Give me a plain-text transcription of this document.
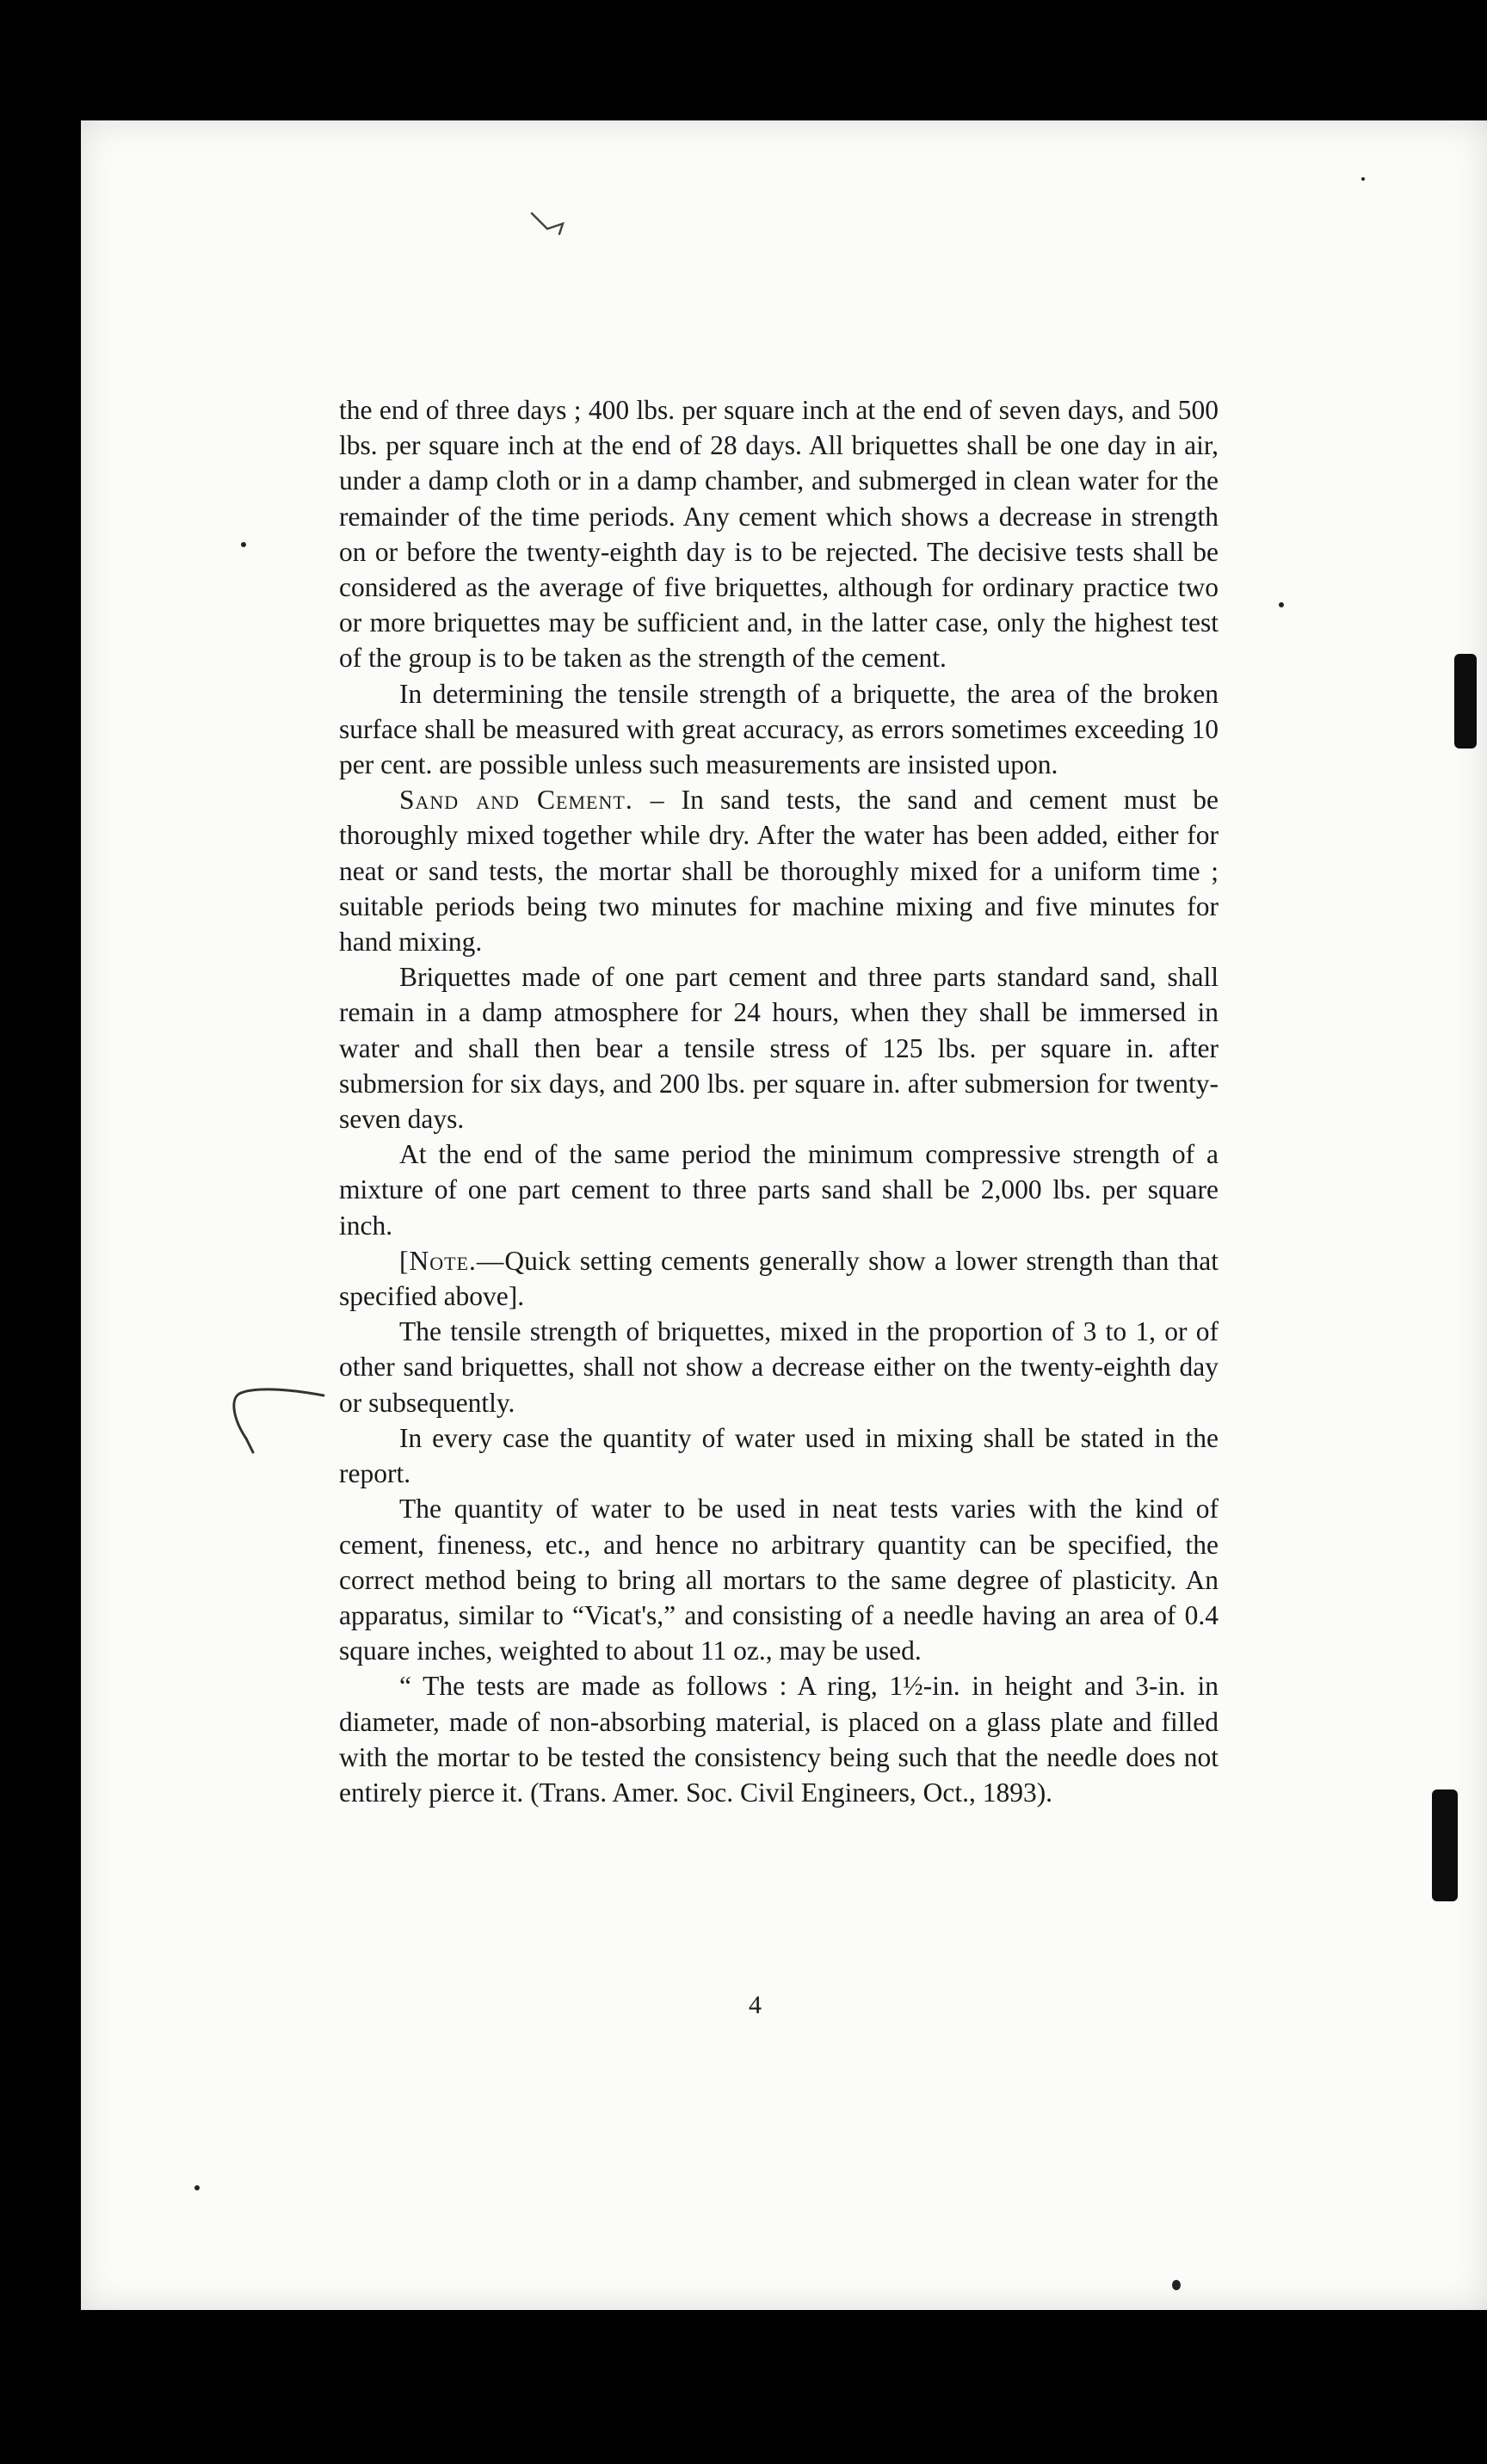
the end of three days ; 400 lbs. per square inch at the end of seven days, and 500 lbs. per square inch at the end of 28 days. All briquettes shall be one day in air, under a damp cloth or in a damp chamber, and submerged in clean water for the remainder of the time periods. Any cement which shows a decrease in strength on or before the twenty-eighth day is to be rejected. The decisive tests shall be considered as the average of five briquettes, although for ordinary practice two or more briquettes may be sufficient and, in the latter case, only the highest test of the group is to be taken as the strength of the cement.

In determining the tensile strength of a briquette, the area of the broken surface shall be measured with great accuracy, as errors sometimes exceeding 10 per cent. are possible unless such measurements are insisted upon.

Sand and Cement. – In sand tests, the sand and cement must be thoroughly mixed together while dry. After the water has been added, either for neat or sand tests, the mortar shall be thoroughly mixed for a uniform time ; suitable periods being two minutes for machine mixing and five minutes for hand mixing.

Briquettes made of one part cement and three parts standard sand, shall remain in a damp atmosphere for 24 hours, when they shall be immersed in water and shall then bear a tensile stress of 125 lbs. per square in. after submersion for six days, and 200 lbs. per square in. after submersion for twenty-seven days.

At the end of the same period the minimum compressive strength of a mixture of one part cement to three parts sand shall be 2,000 lbs. per square inch.

[Note.—Quick setting cements generally show a lower strength than that specified above].

The tensile strength of briquettes, mixed in the proportion of 3 to 1, or of other sand briquettes, shall not show a decrease either on the twenty-eighth day or subsequently.

In every case the quantity of water used in mixing shall be stated in the report.

The quantity of water to be used in neat tests varies with the kind of cement, fineness, etc., and hence no arbitrary quantity can be specified, the correct method being to bring all mortars to the same degree of plasticity. An apparatus, similar to “Vicat's,” and consisting of a needle having an area of 0.4 square inches, weighted to about 11 oz., may be used.

“ The tests are made as follows : A ring, 1½-in. in height and 3-in. in diameter, made of non-absorbing material, is placed on a glass plate and filled with the mortar to be tested the consistency being such that the needle does not entirely pierce it. (Trans. Amer. Soc. Civil Engineers, Oct., 1893).

4
